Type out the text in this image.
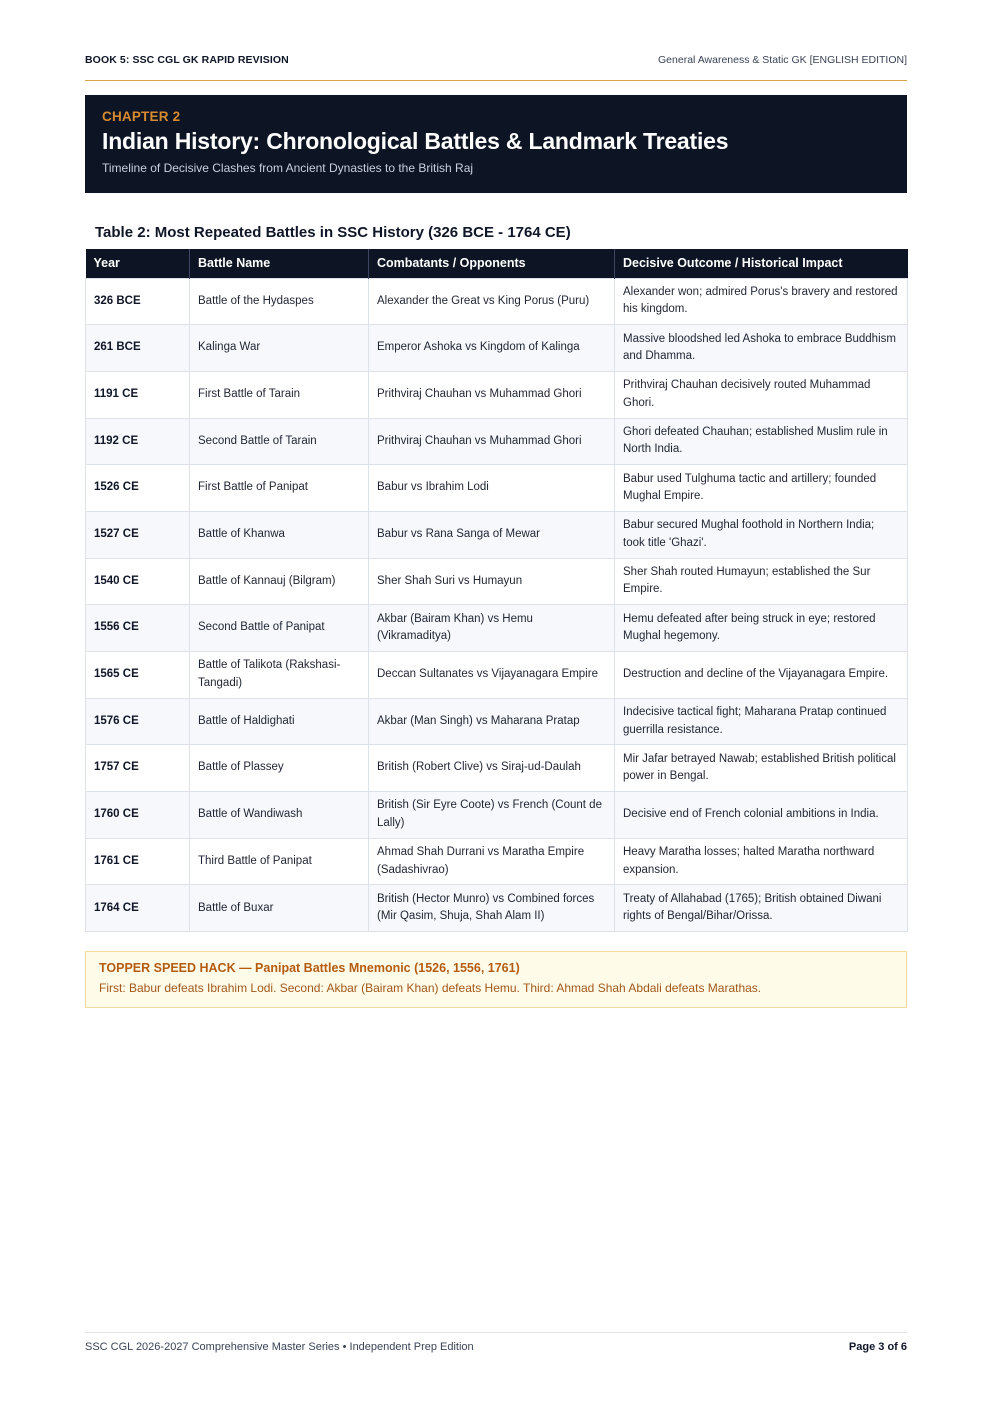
BOOK 5: SSC CGL GK RAPID REVISION	General Awareness & Static GK [ENGLISH EDITION]
CHAPTER 2
Indian History: Chronological Battles & Landmark Treaties
Timeline of Decisive Clashes from Ancient Dynasties to the British Raj
Table 2: Most Repeated Battles in SSC History (326 BCE - 1764 CE)
Year	Battle Name	Combatants / Opponents	Decisive Outcome / Historical Impact
326 BCE	Battle of the Hydaspes	Alexander the Great vs King Porus (Puru)	Alexander won; admired Porus's bravery and restored his kingdom.
261 BCE	Kalinga War	Emperor Ashoka vs Kingdom of Kalinga	Massive bloodshed led Ashoka to embrace Buddhism and Dhamma.
1191 CE	First Battle of Tarain	Prithviraj Chauhan vs Muhammad Ghori	Prithviraj Chauhan decisively routed Muhammad Ghori.
1192 CE	Second Battle of Tarain	Prithviraj Chauhan vs Muhammad Ghori	Ghori defeated Chauhan; established Muslim rule in North India.
1526 CE	First Battle of Panipat	Babur vs Ibrahim Lodi	Babur used Tulghuma tactic and artillery; founded Mughal Empire.
1527 CE	Battle of Khanwa	Babur vs Rana Sanga of Mewar	Babur secured Mughal foothold in Northern India; took title 'Ghazi'.
1540 CE	Battle of Kannauj (Bilgram)	Sher Shah Suri vs Humayun	Sher Shah routed Humayun; established the Sur Empire.
1556 CE	Second Battle of Panipat	Akbar (Bairam Khan) vs Hemu (Vikramaditya)	Hemu defeated after being struck in eye; restored Mughal hegemony.
1565 CE	Battle of Talikota (Rakshasi-Tangadi)	Deccan Sultanates vs Vijayanagara Empire	Destruction and decline of the Vijayanagara Empire.
1576 CE	Battle of Haldighati	Akbar (Man Singh) vs Maharana Pratap	Indecisive tactical fight; Maharana Pratap continued guerrilla resistance.
1757 CE	Battle of Plassey	British (Robert Clive) vs Siraj-ud-Daulah	Mir Jafar betrayed Nawab; established British political power in Bengal.
1760 CE	Battle of Wandiwash	British (Sir Eyre Coote) vs French (Count de Lally)	Decisive end of French colonial ambitions in India.
1761 CE	Third Battle of Panipat	Ahmad Shah Durrani vs Maratha Empire (Sadashivrao)	Heavy Maratha losses; halted Maratha northward expansion.
1764 CE	Battle of Buxar	British (Hector Munro) vs Combined forces (Mir Qasim, Shuja, Shah Alam II)	Treaty of Allahabad (1765); British obtained Diwani rights of Bengal/Bihar/Orissa.
TOPPER SPEED HACK — Panipat Battles Mnemonic (1526, 1556, 1761)
First: Babur defeats Ibrahim Lodi. Second: Akbar (Bairam Khan) defeats Hemu. Third: Ahmad Shah Abdali defeats Marathas.
SSC CGL 2026-2027 Comprehensive Master Series • Independent Prep Edition	Page 3 of 6
